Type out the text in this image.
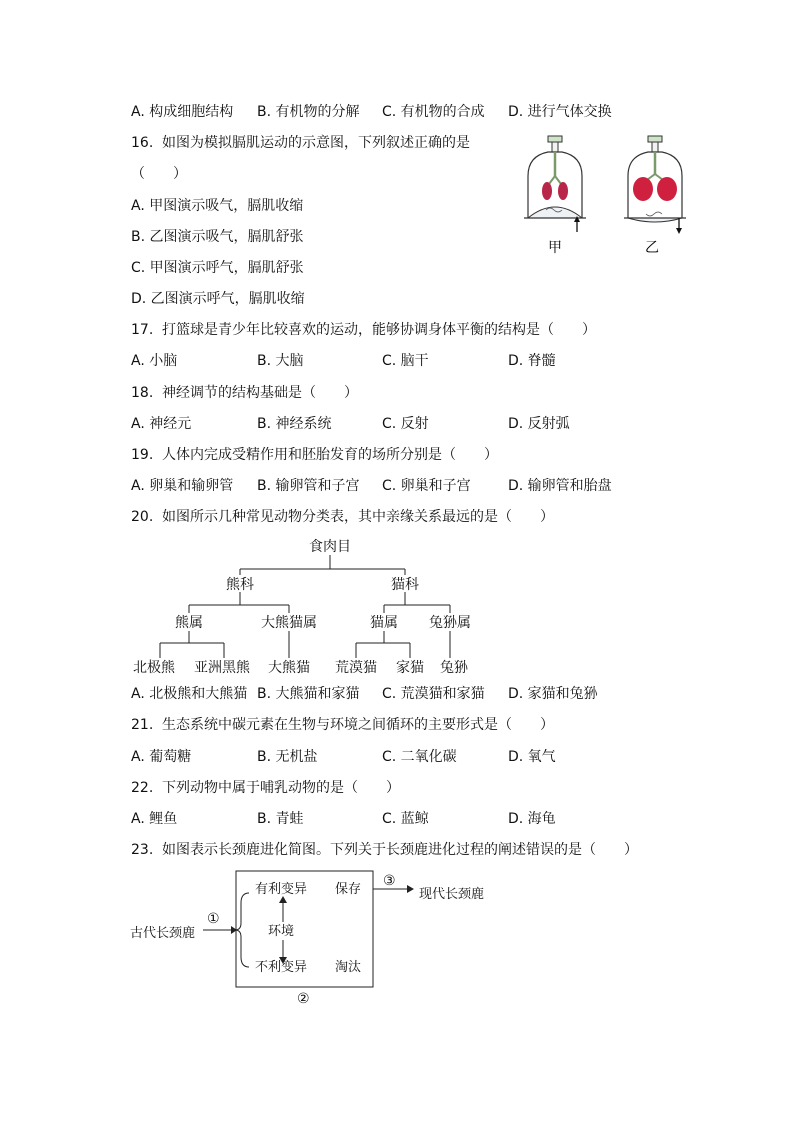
A. 构成细胞结构 B. 有机物的分解 C. 有机物的合成 D. 进行气体交换
16. 如图为模拟膈肌运动的示意图，下列叙述正确的是
（　　）
A. 甲图演示吸气，膈肌收缩
B. 乙图演示吸气，膈肌舒张
C. 甲图演示呼气，膈肌舒张
D. 乙图演示呼气，膈肌收缩
甲	乙
17. 打篮球是青少年比较喜欢的运动，能够协调身体平衡的结构是（　　）
A. 小脑	B. 大脑	C. 脑干	D. 脊髓
18. 神经调节的结构基础是（　　）
A. 神经元	B. 神经系统	C. 反射	D. 反射弧
19. 人体内完成受精作用和胚胎发育的场所分别是（　　）
A. 卵巢和输卵管 B. 输卵管和子宫 C. 卵巢和子宫	D. 输卵管和胎盘
20. 如图所示几种常见动物分类表，其中亲缘关系最远的是（　　）
食肉目
熊科	猫科
熊属	大熊猫属	猫属 兔狲属
北极熊 亚洲黑熊 大熊猫 荒漠猫 家猫 兔狲
A. 北极熊和大熊猫 B. 大熊猫和家猫 C. 荒漠猫和家猫 D. 家猫和兔狲
21. 生态系统中碳元素在生物与环境之间循环的主要形式是（　　）
A. 葡萄糖	B. 无机盐	C. 二氧化碳	D. 氧气
22. 下列动物中属于哺乳动物的是（　　）
A. 鲤鱼	B. 青蛙	C. 蓝鲸	D. 海龟
23. 如图表示长颈鹿进化简图。下列关于长颈鹿进化过程的阐述错误的是（　　）
古代长颈鹿
①
有利变异 保存
环境
不利变异 淘汰
③
现代长颈鹿
②
